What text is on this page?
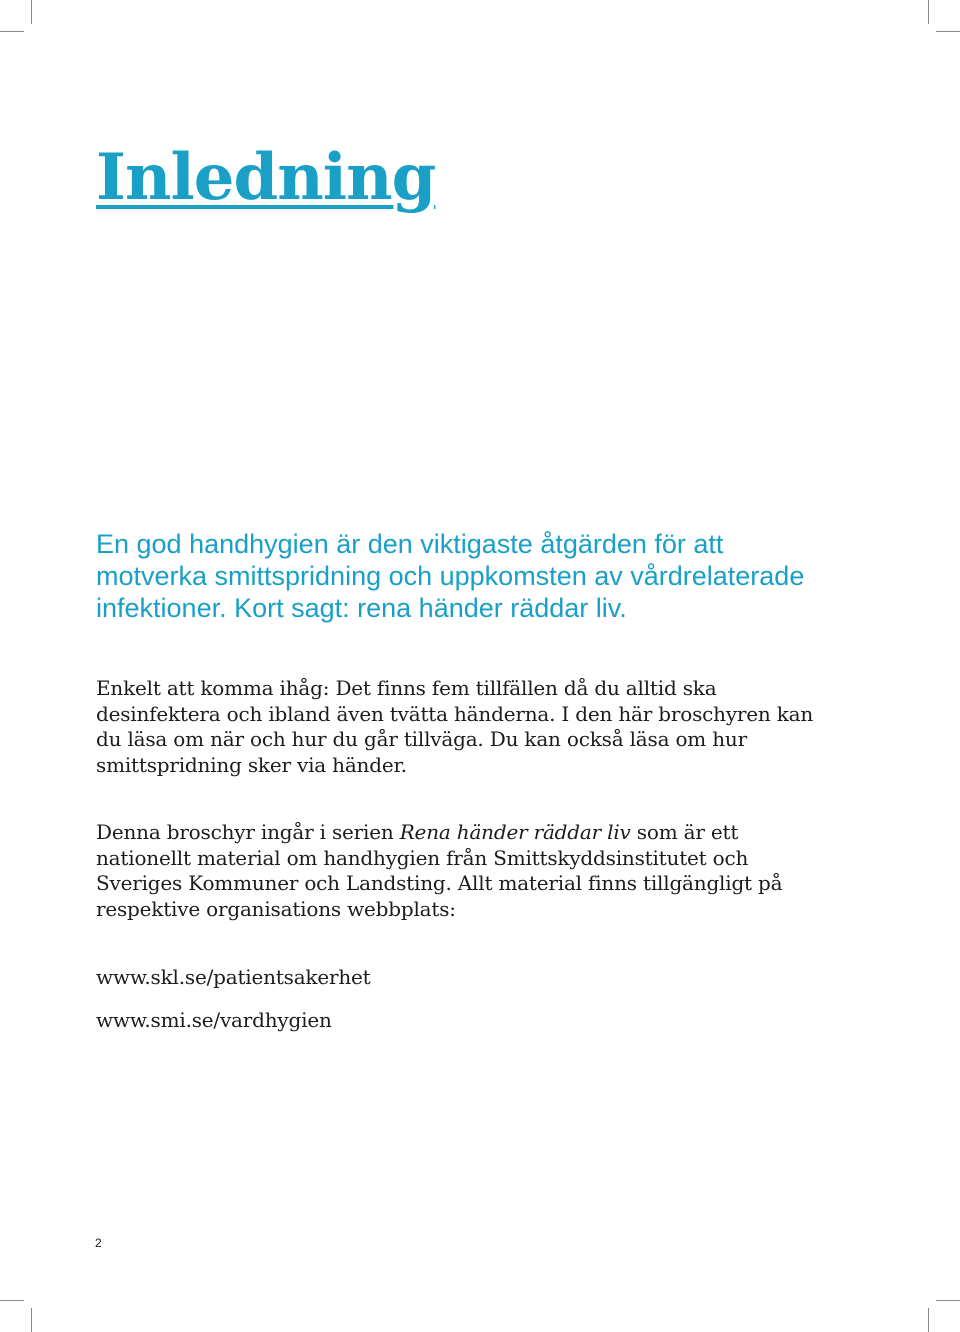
Inledning

En god handhygien är den viktigaste åtgärden för att motverka smittspridning och uppkomsten av vårdrelaterade infektioner. Kort sagt: rena händer räddar liv.

Enkelt att komma ihåg: Det finns fem tillfällen då du alltid ska desinfektera och ibland även tvätta händerna. I den här broschyren kan du läsa om när och hur du går tillväga. Du kan också läsa om hur smittspridning sker via händer.

Denna broschyr ingår i serien Rena händer räddar liv som är ett nationellt material om handhygien från Smittskyddsinstitutet och Sveriges Kommuner och Landsting. Allt material finns tillgängligt på respektive organisations webbplats:

www.skl.se/patientsakerhet

www.smi.se/vardhygien

2
